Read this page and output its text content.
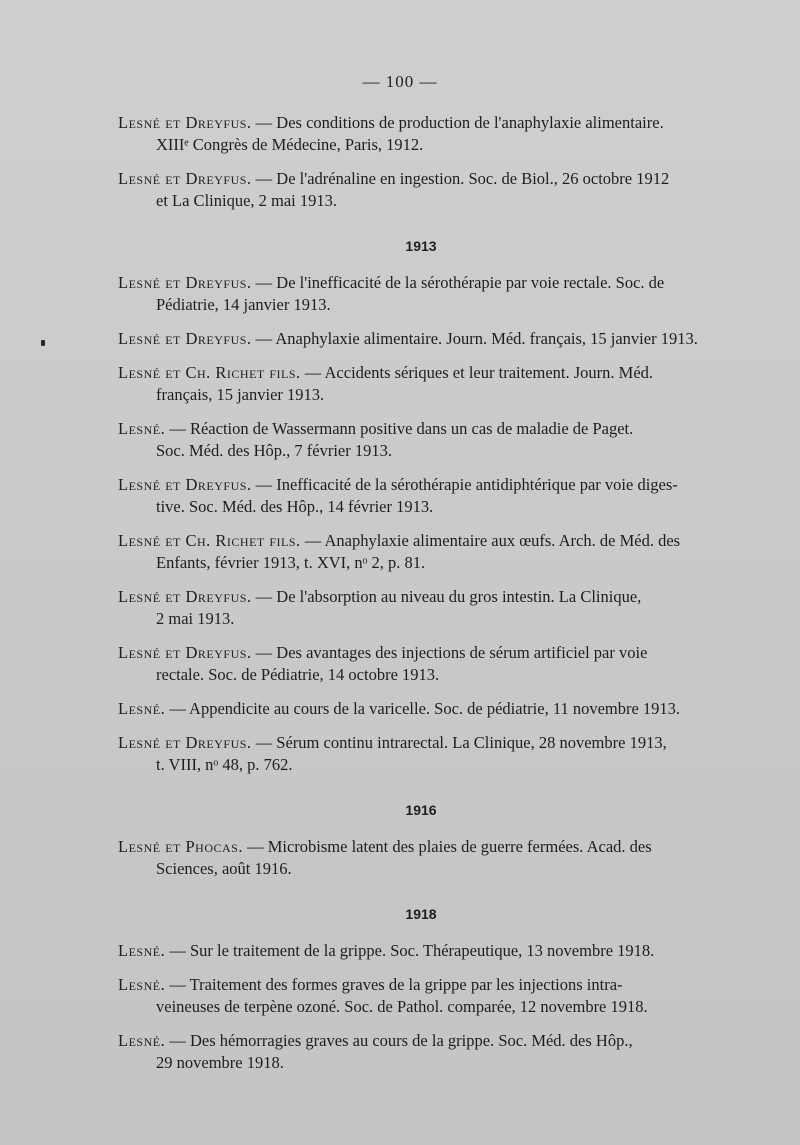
— 100 —
Lesné et Dreyfus. — Des conditions de production de l'anaphylaxie alimentaire.
XIIIᵉ Congrès de Médecine, Paris, 1912.
Lesné et Dreyfus. — De l'adrénaline en ingestion. Soc. de Biol., 26 octobre 1912
et La Clinique, 2 mai 1913.
1913
Lesné et Dreyfus. — De l'inefficacité de la sérothérapie par voie rectale. Soc. de
Pédiatrie, 14 janvier 1913.
Lesné et Dreyfus. — Anaphylaxie alimentaire. Journ. Méd. français, 15 janvier 1913.
Lesné et Ch. Richet fils. — Accidents sériques et leur traitement. Journ. Méd.
français, 15 janvier 1913.
Lesné. — Réaction de Wassermann positive dans un cas de maladie de Paget.
Soc. Méd. des Hôp., 7 février 1913.
Lesné et Dreyfus. — Inefficacité de la sérothérapie antidiphtérique par voie diges-
tive. Soc. Méd. des Hôp., 14 février 1913.
Lesné et Ch. Richet fils. — Anaphylaxie alimentaire aux œufs. Arch. de Méd. des
Enfants, février 1913, t. XVI, nᵒ 2, p. 81.
Lesné et Dreyfus. — De l'absorption au niveau du gros intestin. La Clinique,
2 mai 1913.
Lesné et Dreyfus. — Des avantages des injections de sérum artificiel par voie
rectale. Soc. de Pédiatrie, 14 octobre 1913.
Lesné. — Appendicite au cours de la varicelle. Soc. de pédiatrie, 11 novembre 1913.
Lesné et Dreyfus. — Sérum continu intrarectal. La Clinique, 28 novembre 1913,
t. VIII, nᵒ 48, p. 762.
1916
Lesné et Phocas. — Microbisme latent des plaies de guerre fermées. Acad. des
Sciences, août 1916.
1918
Lesné. — Sur le traitement de la grippe. Soc. Thérapeutique, 13 novembre 1918.
Lesné. — Traitement des formes graves de la grippe par les injections intra-
veineuses de terpène ozoné. Soc. de Pathol. comparée, 12 novembre 1918.
Lesné. — Des hémorragies graves au cours de la grippe. Soc. Méd. des Hôp.,
29 novembre 1918.
